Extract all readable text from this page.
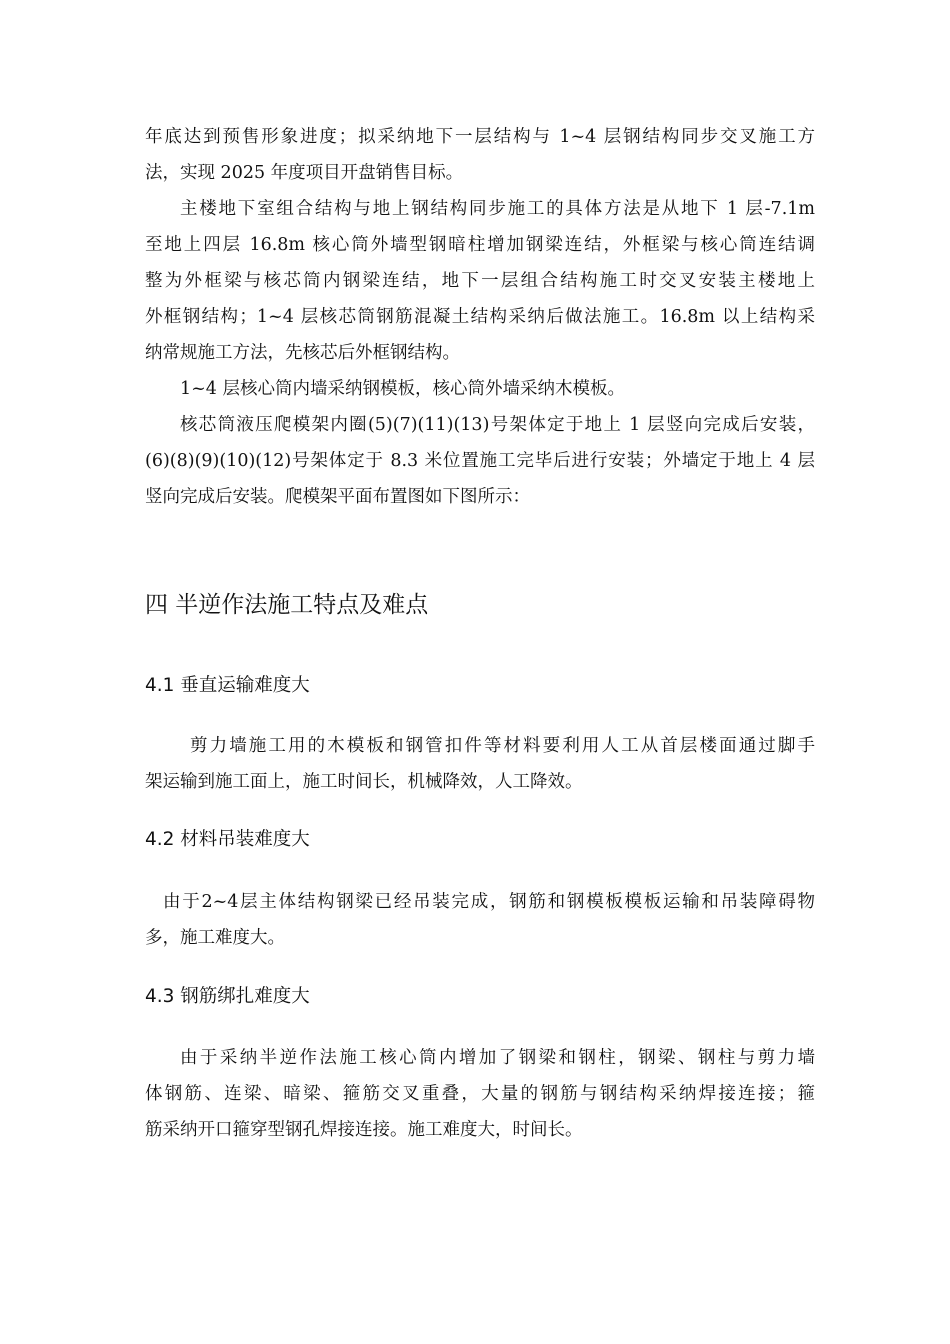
年底达到预售形象进度；拟采纳地下一层结构与 1~4 层钢结构同步交叉施工方
法，实现 2025 年度项目开盘销售目标。
主楼地下室组合结构与地上钢结构同步施工的具体方法是从地下 1 层-7.1m
至地上四层 16.8m 核心筒外墙型钢暗柱增加钢梁连结，外框梁与核心筒连结调
整为外框梁与核芯筒内钢梁连结，地下一层组合结构施工时交叉安装主楼地上
外框钢结构；1~4 层核芯筒钢筋混凝土结构采纳后做法施工。16.8m 以上结构采
纳常规施工方法，先核芯后外框钢结构。
1~4 层核心筒内墙采纳钢模板，核心筒外墙采纳木模板。
核芯筒液压爬模架内圈(5)(7)(11)(13)号架体定于地上 1 层竖向完成后安装，
(6)(8)(9)(10)(12)号架体定于 8.3 米位置施工完毕后进行安装；外墙定于地上 4 层
竖向完成后安装。爬模架平面布置图如下图所示：
四 半逆作法施工特点及难点
4.1 垂直运输难度大
剪力墙施工用的木模板和钢管扣件等材料要利用人工从首层楼面通过脚手
架运输到施工面上，施工时间长，机械降效，人工降效。
4.2 材料吊装难度大
由于2~4层主体结构钢梁已经吊装完成，钢筋和钢模板模板运输和吊装障碍物
多，施工难度大。
4.3 钢筋绑扎难度大
由于采纳半逆作法施工核心筒内增加了钢梁和钢柱，钢梁、钢柱与剪力墙
体钢筋、连梁、暗梁、箍筋交叉重叠，大量的钢筋与钢结构采纳焊接连接；箍
筋采纳开口箍穿型钢孔焊接连接。施工难度大，时间长。
